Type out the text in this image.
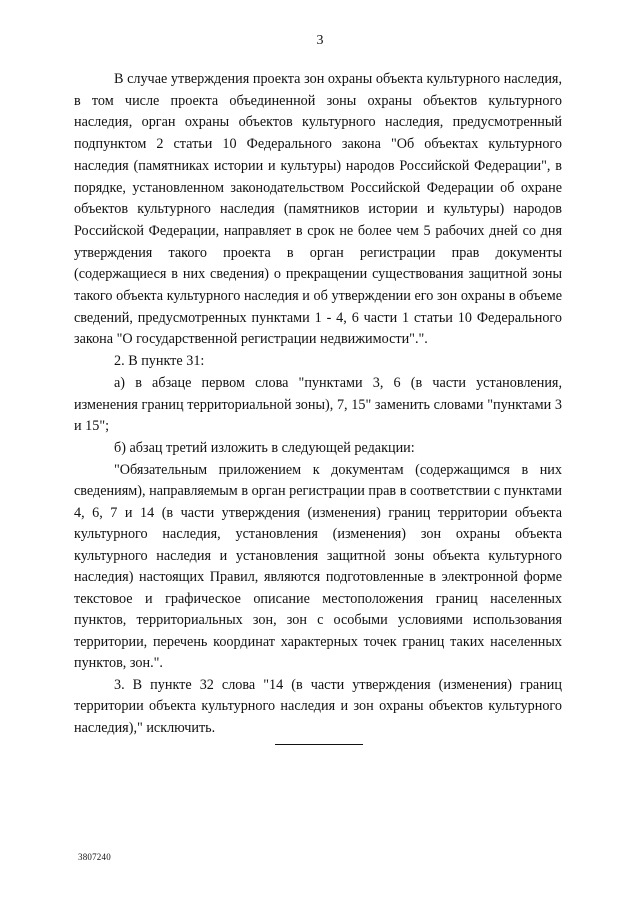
3

В случае утверждения проекта зон охраны объекта культурного наследия, в том числе проекта объединенной зоны охраны объектов культурного наследия, орган охраны объектов культурного наследия, предусмотренный подпунктом 2 статьи 10 Федерального закона "Об объектах культурного наследия (памятниках истории и культуры) народов Российской Федерации", в порядке, установленном законодательством Российской Федерации об охране объектов культурного наследия (памятников истории и культуры) народов Российской Федерации, направляет в срок не более чем 5 рабочих дней со дня утверждения такого проекта в орган регистрации прав документы (содержащиеся в них сведения) о прекращении существования защитной зоны такого объекта культурного наследия и об утверждении его зон охраны в объеме сведений, предусмотренных пунктами 1 - 4, 6 части 1 статьи 10 Федерального закона "О государственной регистрации недвижимости".".

2. В пункте 31:

а) в абзаце первом слова "пунктами 3, 6 (в части установления, изменения границ территориальной зоны), 7, 15" заменить словами "пунктами 3 и 15";

б) абзац третий изложить в следующей редакции:

"Обязательным приложением к документам (содержащимся в них сведениям), направляемым в орган регистрации прав в соответствии с пунктами 4, 6, 7 и 14 (в части утверждения (изменения) границ территории объекта культурного наследия, установления (изменения) зон охраны объекта культурного наследия и установления защитной зоны объекта культурного наследия) настоящих Правил, являются подготовленные в электронной форме текстовое и графическое описание местоположения границ населенных пунктов, территориальных зон, зон с особыми условиями использования территории, перечень координат характерных точек границ таких населенных пунктов, зон.".

3. В пункте 32 слова "14 (в части утверждения (изменения) границ территории объекта культурного наследия и зон охраны объектов культурного наследия)," исключить.

3807240
